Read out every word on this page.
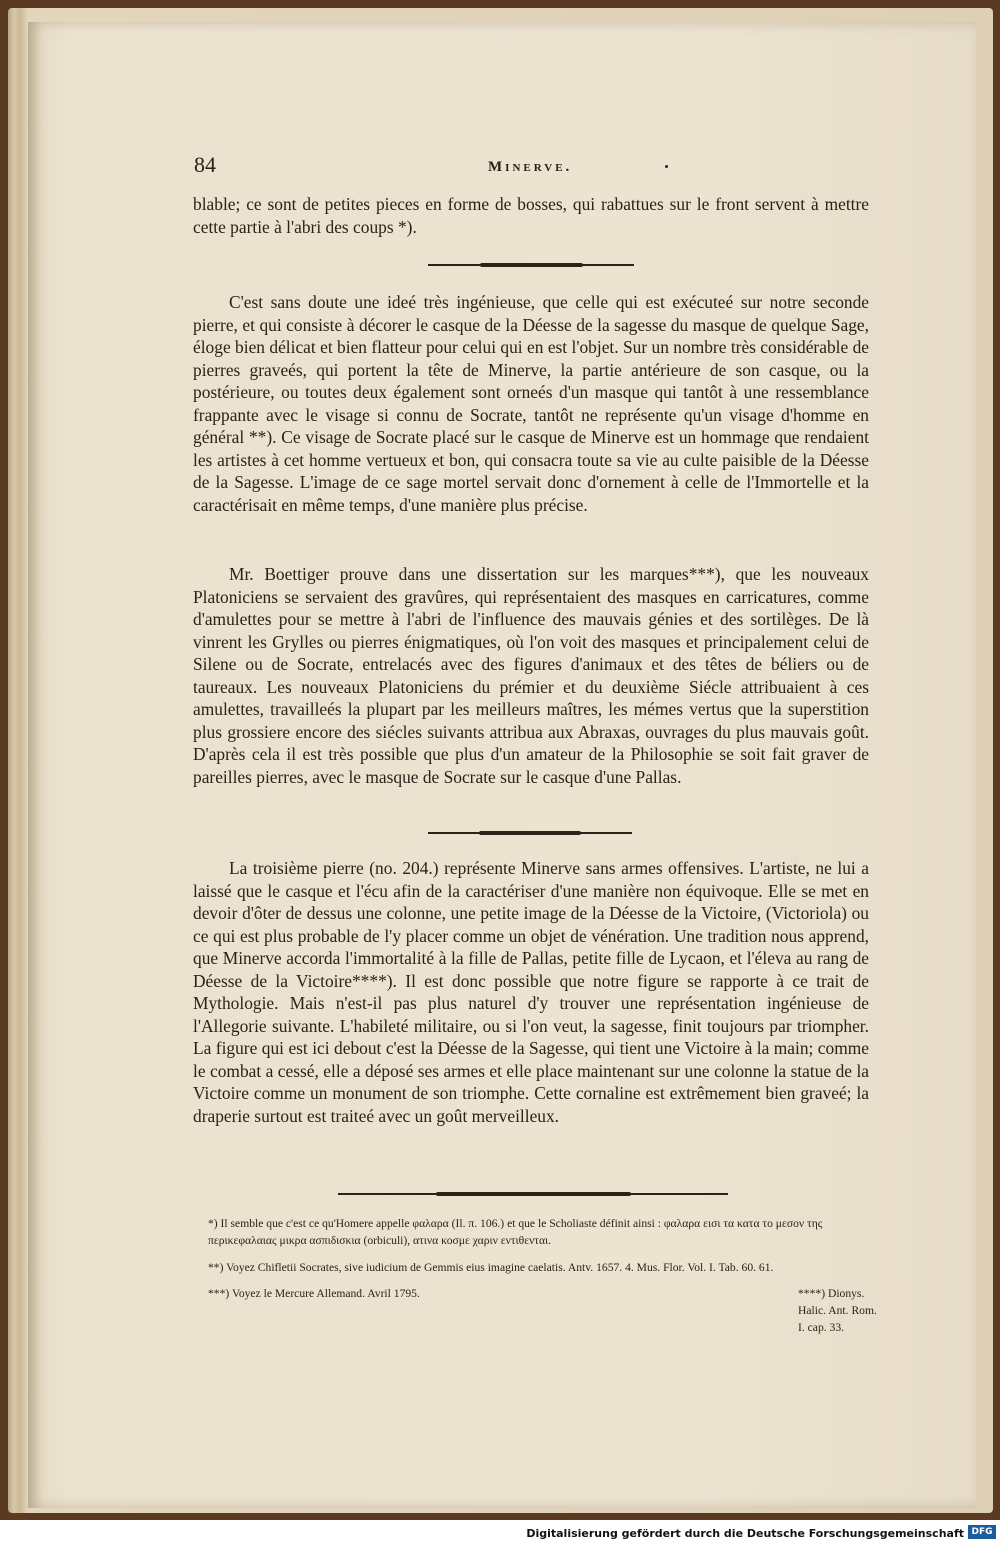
84	Minerve.
blable; ce sont de petites pieces en forme de bosses, qui rabattues sur le front servent à mettre cette partie à l'abri des coups *).
C'est sans doute une ideé très ingénieuse, que celle qui est exécuteé sur notre seconde pierre, et qui consiste à décorer le casque de la Déesse de la sagesse du masque de quelque Sage, éloge bien délicat et bien flatteur pour celui qui en est l'objet. Sur un nombre très considérable de pierres graveés, qui portent la tête de Minerve, la partie antérieure de son casque, ou la postérieure, ou toutes deux également sont orneés d'un masque qui tantôt à une ressemblance frappante avec le visage si connu de Socrate, tantôt ne représente qu'un visage d'homme en général **). Ce visage de Socrate placé sur le casque de Minerve est un hommage que rendaient les artistes à cet homme vertueux et bon, qui consacra toute sa vie au culte paisible de la Déesse de la Sagesse. L'image de ce sage mortel servait donc d'ornement à celle de l'Immortelle et la caractérisait en même temps, d'une manière plus précise.
Mr. Boettiger prouve dans une dissertation sur les marques***), que les nouveaux Platoniciens se servaient des gravûres, qui représentaient des masques en carricatures, comme d'amulettes pour se mettre à l'abri de l'influence des mauvais génies et des sortilèges. De là vinrent les Grylles ou pierres énigmatiques, où l'on voit des masques et principalement celui de Silene ou de Socrate, entrelacés avec des figures d'animaux et des têtes de béliers ou de taureaux. Les nouveaux Platoniciens du prémier et du deuxième Siécle attribuaient à ces amulettes, travailleés la plupart par les meilleurs maîtres, les mémes vertus que la superstition plus grossiere encore des siécles suivants attribua aux Abraxas, ouvrages du plus mauvais goût. D'après cela il est très possible que plus d'un amateur de la Philosophie se soit fait graver de pareilles pierres, avec le masque de Socrate sur le casque d'une Pallas.
La troisième pierre (no. 204.) représente Minerve sans armes offensives. L'artiste, ne lui a laissé que le casque et l'écu afin de la caractériser d'une manière non équivoque. Elle se met en devoir d'ôter de dessus une colonne, une petite image de la Déesse de la Victoire, (Victoriola) ou ce qui est plus probable de l'y placer comme un objet de vénération. Une tradition nous apprend, que Minerve accorda l'immortalité à la fille de Pallas, petite fille de Lycaon, et l'éleva au rang de Déesse de la Victoire****). Il est donc possible que notre figure se rapporte à ce trait de Mythologie. Mais n'est-il pas plus naturel d'y trouver une représentation ingénieuse de l'Allegorie suivante. L'habileté militaire, ou si l'on veut, la sagesse, finit toujours par triompher. La figure qui est ici debout c'est la Déesse de la Sagesse, qui tient une Victoire à la main; comme le combat a cessé, elle a déposé ses armes et elle place maintenant sur une colonne la statue de la Victoire comme un monument de son triomphe. Cette cornaline est extrêmement bien graveé; la draperie surtout est traiteé avec un goût merveilleux.
*) Il semble que c'est ce qu'Homere appelle φαλαρα (Il. π. 106.) et que le Scholiaste définit ainsi : φαλαρα εισι τα κατα το μεσον της περικεφαλαιας μικρα ασπιδισκια (orbiculi), ατινα κοσμε χαριν εντιθενται.
**) Voyez Chifletii Socrates, sive iudicium de Gemmis eius imagine caelatis. Antv. 1657. 4. Mus. Flor. Vol. I. Tab. 60. 61.
***) Voyez le Mercure Allemand. Avril 1795.	****) Dionys. Halic. Ant. Rom. I. cap. 33.
Digitalisierung gefördert durch die Deutsche Forschungsgemeinschaft DFG
